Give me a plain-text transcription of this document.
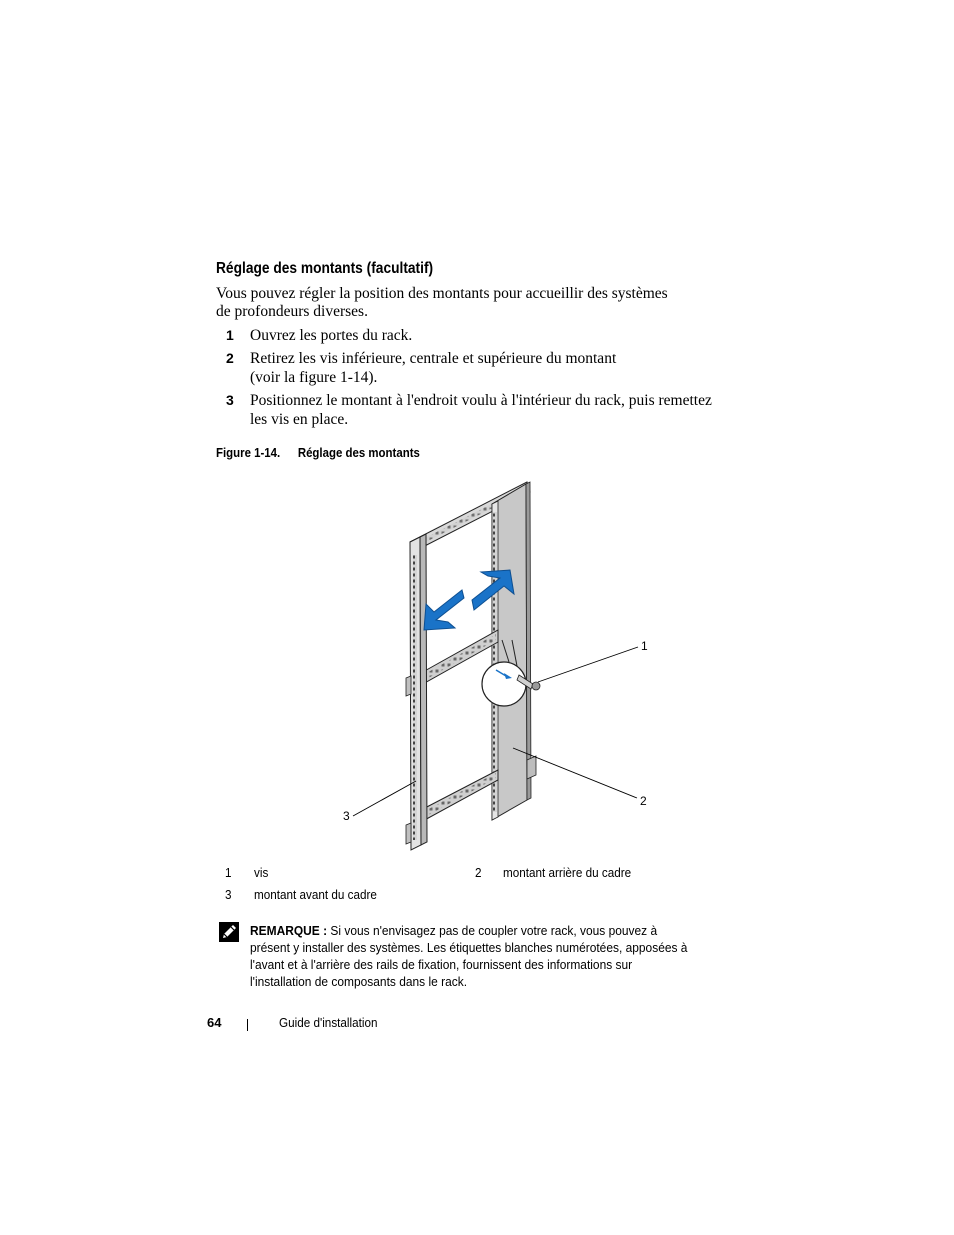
Réglage des montants (facultatif)
Vous pouvez régler la position des montants pour accueillir des systèmes
de profondeurs diverses.
1 Ouvrez les portes du rack.
2 Retirez les vis inférieure, centrale et supérieure du montant
(voir la figure 1-14).
3 Positionnez le montant à l'endroit voulu à l'intérieur du rack, puis remettez
les vis en place.
Figure 1-14. Réglage des montants
1
2
3
1 vis	2 montant arrière du cadre
3 montant avant du cadre
REMARQUE : Si vous n'envisagez pas de coupler votre rack, vous pouvez à
présent y installer des systèmes. Les étiquettes blanches numérotées, apposées à
l'avant et à l'arrière des rails de fixation, fournissent des informations sur
l'installation de composants dans le rack.
64	Guide d'installation
